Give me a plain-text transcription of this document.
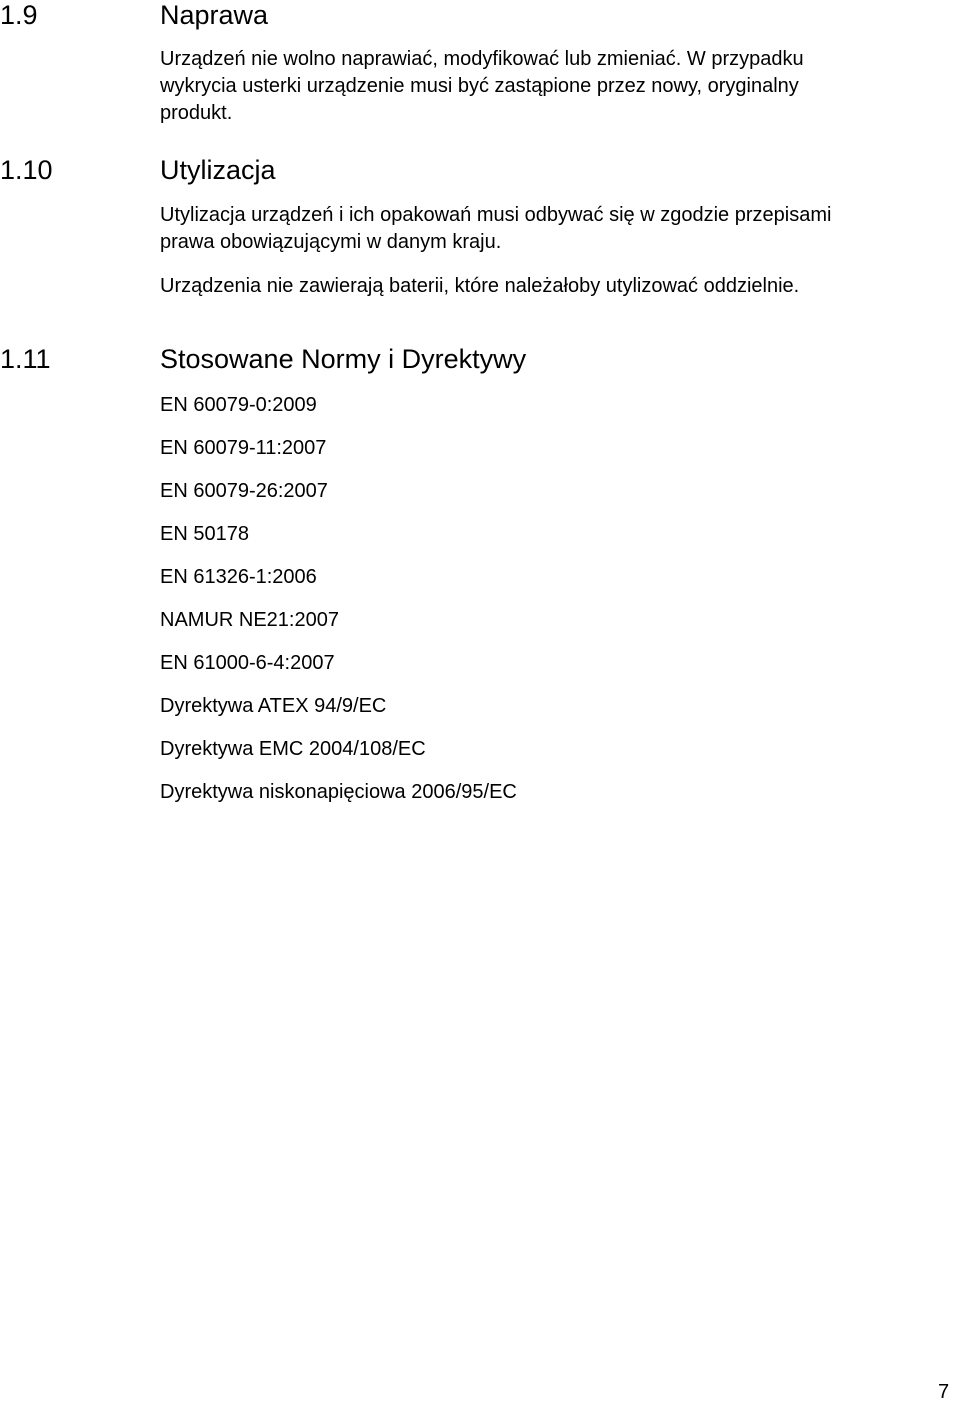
1.9	Naprawa
Urządzeń nie wolno naprawiać, modyfikować lub zmieniać. W przypadku
wykrycia usterki urządzenie musi być zastąpione przez nowy, oryginalny
produkt.
1.10	Utylizacja
Utylizacja urządzeń i ich opakowań musi odbywać się w zgodzie przepisami
prawa obowiązującymi w danym kraju.
Urządzenia nie zawierają baterii, które należałoby utylizować oddzielnie.
1.11	Stosowane Normy i Dyrektywy
EN 60079-0:2009
EN 60079-11:2007
EN 60079-26:2007
EN 50178
EN 61326-1:2006
NAMUR NE21:2007
EN 61000-6-4:2007
Dyrektywa ATEX 94/9/EC
Dyrektywa EMC 2004/108/EC
Dyrektywa niskonapięciowa 2006/95/EC
7
